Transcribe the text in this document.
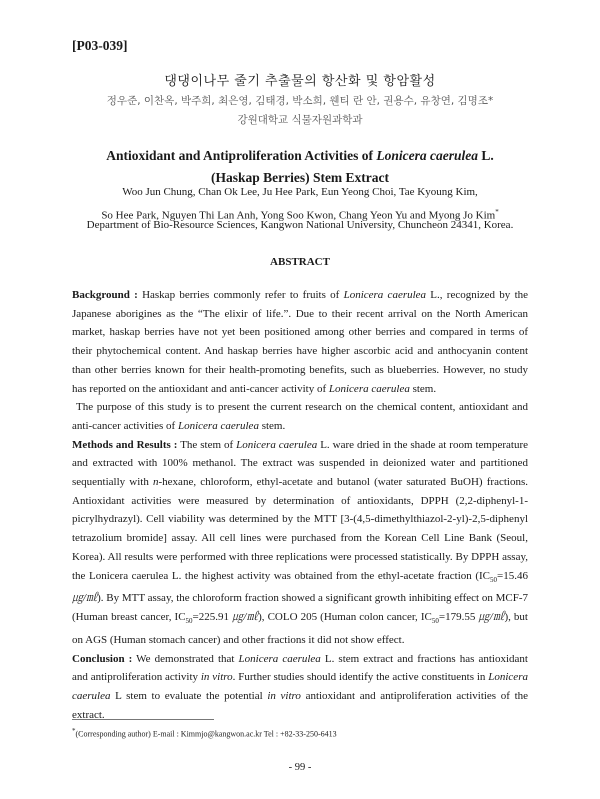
[P03-039]
댕댕이나무 줄기 추출물의 항산화 및 항암활성
정우준, 이찬옥, 박주희, 최은영, 김태경, 박소희, 웬티 란 안, 권용수, 유창연, 김명조*
강원대학교 식물자원과학과
Antioxidant and Antiproliferation Activities of Lonicera caerulea L.
(Haskap Berries) Stem Extract
Woo Jun Chung, Chan Ok Lee, Ju Hee Park, Eun Yeong Choi, Tae Kyoung Kim,
So Hee Park, Nguyen Thi Lan Anh, Yong Soo Kwon, Chang Yeon Yu and Myong Jo Kim*
Department of Bio-Resource Sciences, Kangwon National University, Chuncheon 24341, Korea.
ABSTRACT

Background : Haskap berries commonly refer to fruits of Lonicera caerulea L., recognized by the Japanese aborigines as the “The elixir of life.”. Due to their recent arrival on the North American market, haskap berries have not yet been positioned among other berries and compared in terms of their phytochemical content. And haskap berries have higher ascorbic acid and anthocyanin content than other berries known for their health-promoting benefits, such as blueberries. However, no study has reported on the antioxidant and anti-cancer activity of Lonicera caerulea stem.

The purpose of this study is to present the current research on the chemical content, antioxidant and anti-cancer activities of Lonicera caerulea stem.

Methods and Results : The stem of Lonicera caerulea L. ware dried in the shade at room temperature and extracted with 100% methanol. The extract was suspended in deionized water and partitioned sequentially with n-hexane, chloroform, ethyl-acetate and butanol (water saturated BuOH) fractions. Antioxidant activities were measured by determination of antioxidants, DPPH (2,2-diphenyl-1-picrylhydrazyl). Cell viability was determined by the MTT [3-(4,5-dimethylthiazol-2-yl)-2,5-diphenyl tetrazolium bromide] assay. All cell lines were purchased from the Korean Cell Line Bank (Seoul, Korea). All results were performed with three replications were processed statistically. By DPPH assay, the Lonicera caerulea L. the highest activity was obtained from the ethyl-acetate fraction ($IC_{50}=15.46$ ㎍/㎖). By MTT assay, the chloroform fraction showed a significant growth inhibiting effect on MCF-7 (Human breast cancer, $IC_{50}=225.91$ ㎍/㎖), COLO 205 (Human colon cancer, $IC_{50}=179.55$ ㎍/㎖), but on AGS (Human stomach cancer) and other fractions it did not show effect.

Conclusion : We demonstrated that Lonicera caerulea L. stem extract and fractions has antioxidant and antiproliferation activity in vitro. Further studies should identify the active constituents in Lonicera caerulea L stem to evaluate the potential in vitro antioxidant and antiproliferation activities of the extract.

*(Corresponding author) E-mail : Kimmjo@kangwon.ac.kr Tel : +82-33-250-6413
- 99 -
